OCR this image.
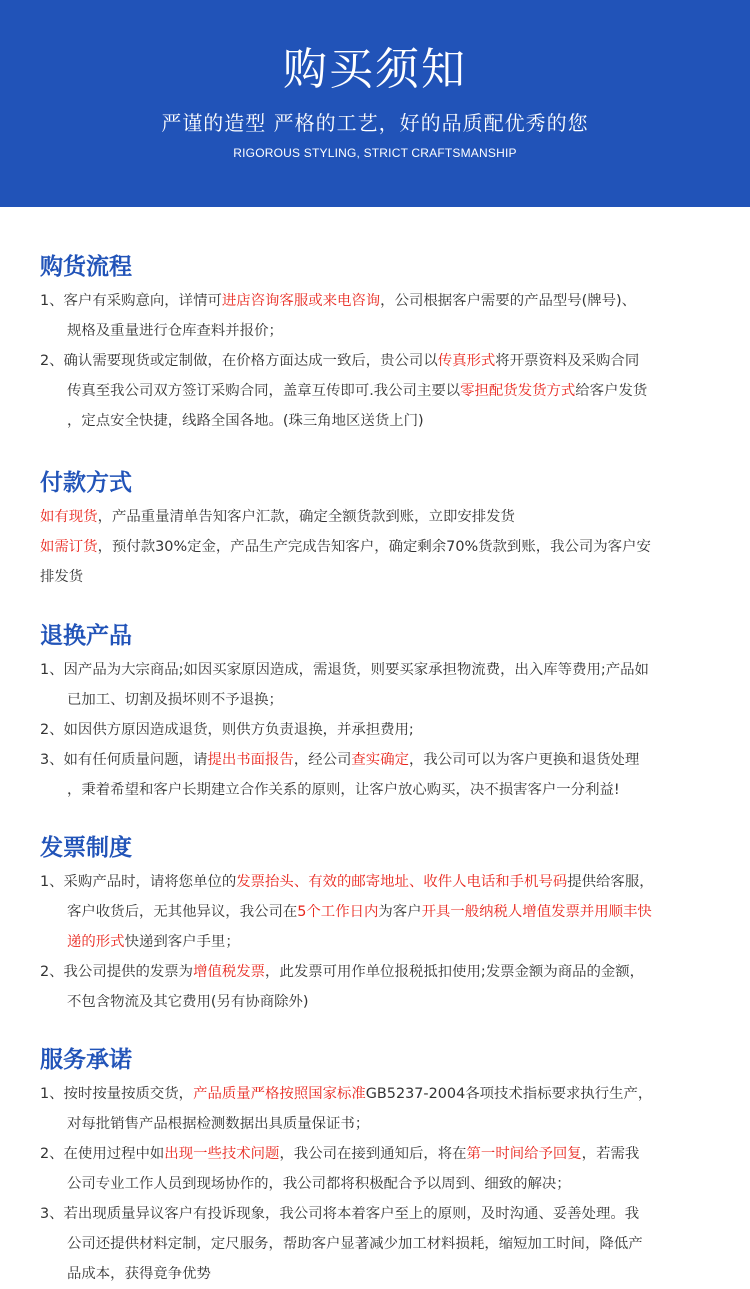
购买须知
严谨的造型 严格的工艺，好的品质配优秀的您
RIGOROUS STYLING, STRICT CRAFTSMANSHIP
购货流程
1、客户有采购意向，详情可进店咨询客服或来电咨询，公司根据客户需要的产品型号(牌号)、
规格及重量进行仓库查料并报价；
2、确认需要现货或定制做，在价格方面达成一致后，贵公司以传真形式将开票资料及采购合同
传真至我公司双方签订采购合同，盖章互传即可.我公司主要以零担配货发货方式给客户发货
，定点安全快捷，线路全国各地。(珠三角地区送货上门)
付款方式
如有现货，产品重量清单告知客户汇款，确定全额货款到账，立即安排发货
如需订货，预付款30%定金，产品生产完成告知客户，确定剩余70%货款到账，我公司为客户安
排发货
退换产品
1、因产品为大宗商品;如因买家原因造成，需退货，则要买家承担物流费，出入库等费用;产品如
已加工、切割及损坏则不予退换；
2、如因供方原因造成退货，则供方负责退换，并承担费用;
3、如有任何质量问题，请提出书面报告，经公司查实确定，我公司可以为客户更换和退货处理
，秉着希望和客户长期建立合作关系的原则，让客户放心购买，决不损害客户一分利益!
发票制度
1、采购产品时，请将您单位的发票抬头、有效的邮寄地址、收件人电话和手机号码提供给客服，
客户收货后，无其他异议，我公司在5个工作日内为客户开具一般纳税人增值发票并用顺丰快
递的形式快递到客户手里；
2、我公司提供的发票为增值税发票，此发票可用作单位报税抵扣使用;发票金额为商品的金额，
不包含物流及其它费用(另有协商除外)
服务承诺
1、按时按量按质交货，产品质量严格按照国家标准GB5237-2004各项技术指标要求执行生产，
对每批销售产品根据检测数据出具质量保证书；
2、在使用过程中如出现一些技术问题，我公司在接到通知后，将在第一时间给予回复，若需我
公司专业工作人员到现场协作的，我公司都将积极配合予以周到、细致的解决；
3、若出现质量异议客户有投诉现象，我公司将本着客户至上的原则，及时沟通、妥善处理。我
公司还提供材料定制，定尺服务，帮助客户显著减少加工材料损耗，缩短加工时间，降低产
品成本，获得竟争优势
